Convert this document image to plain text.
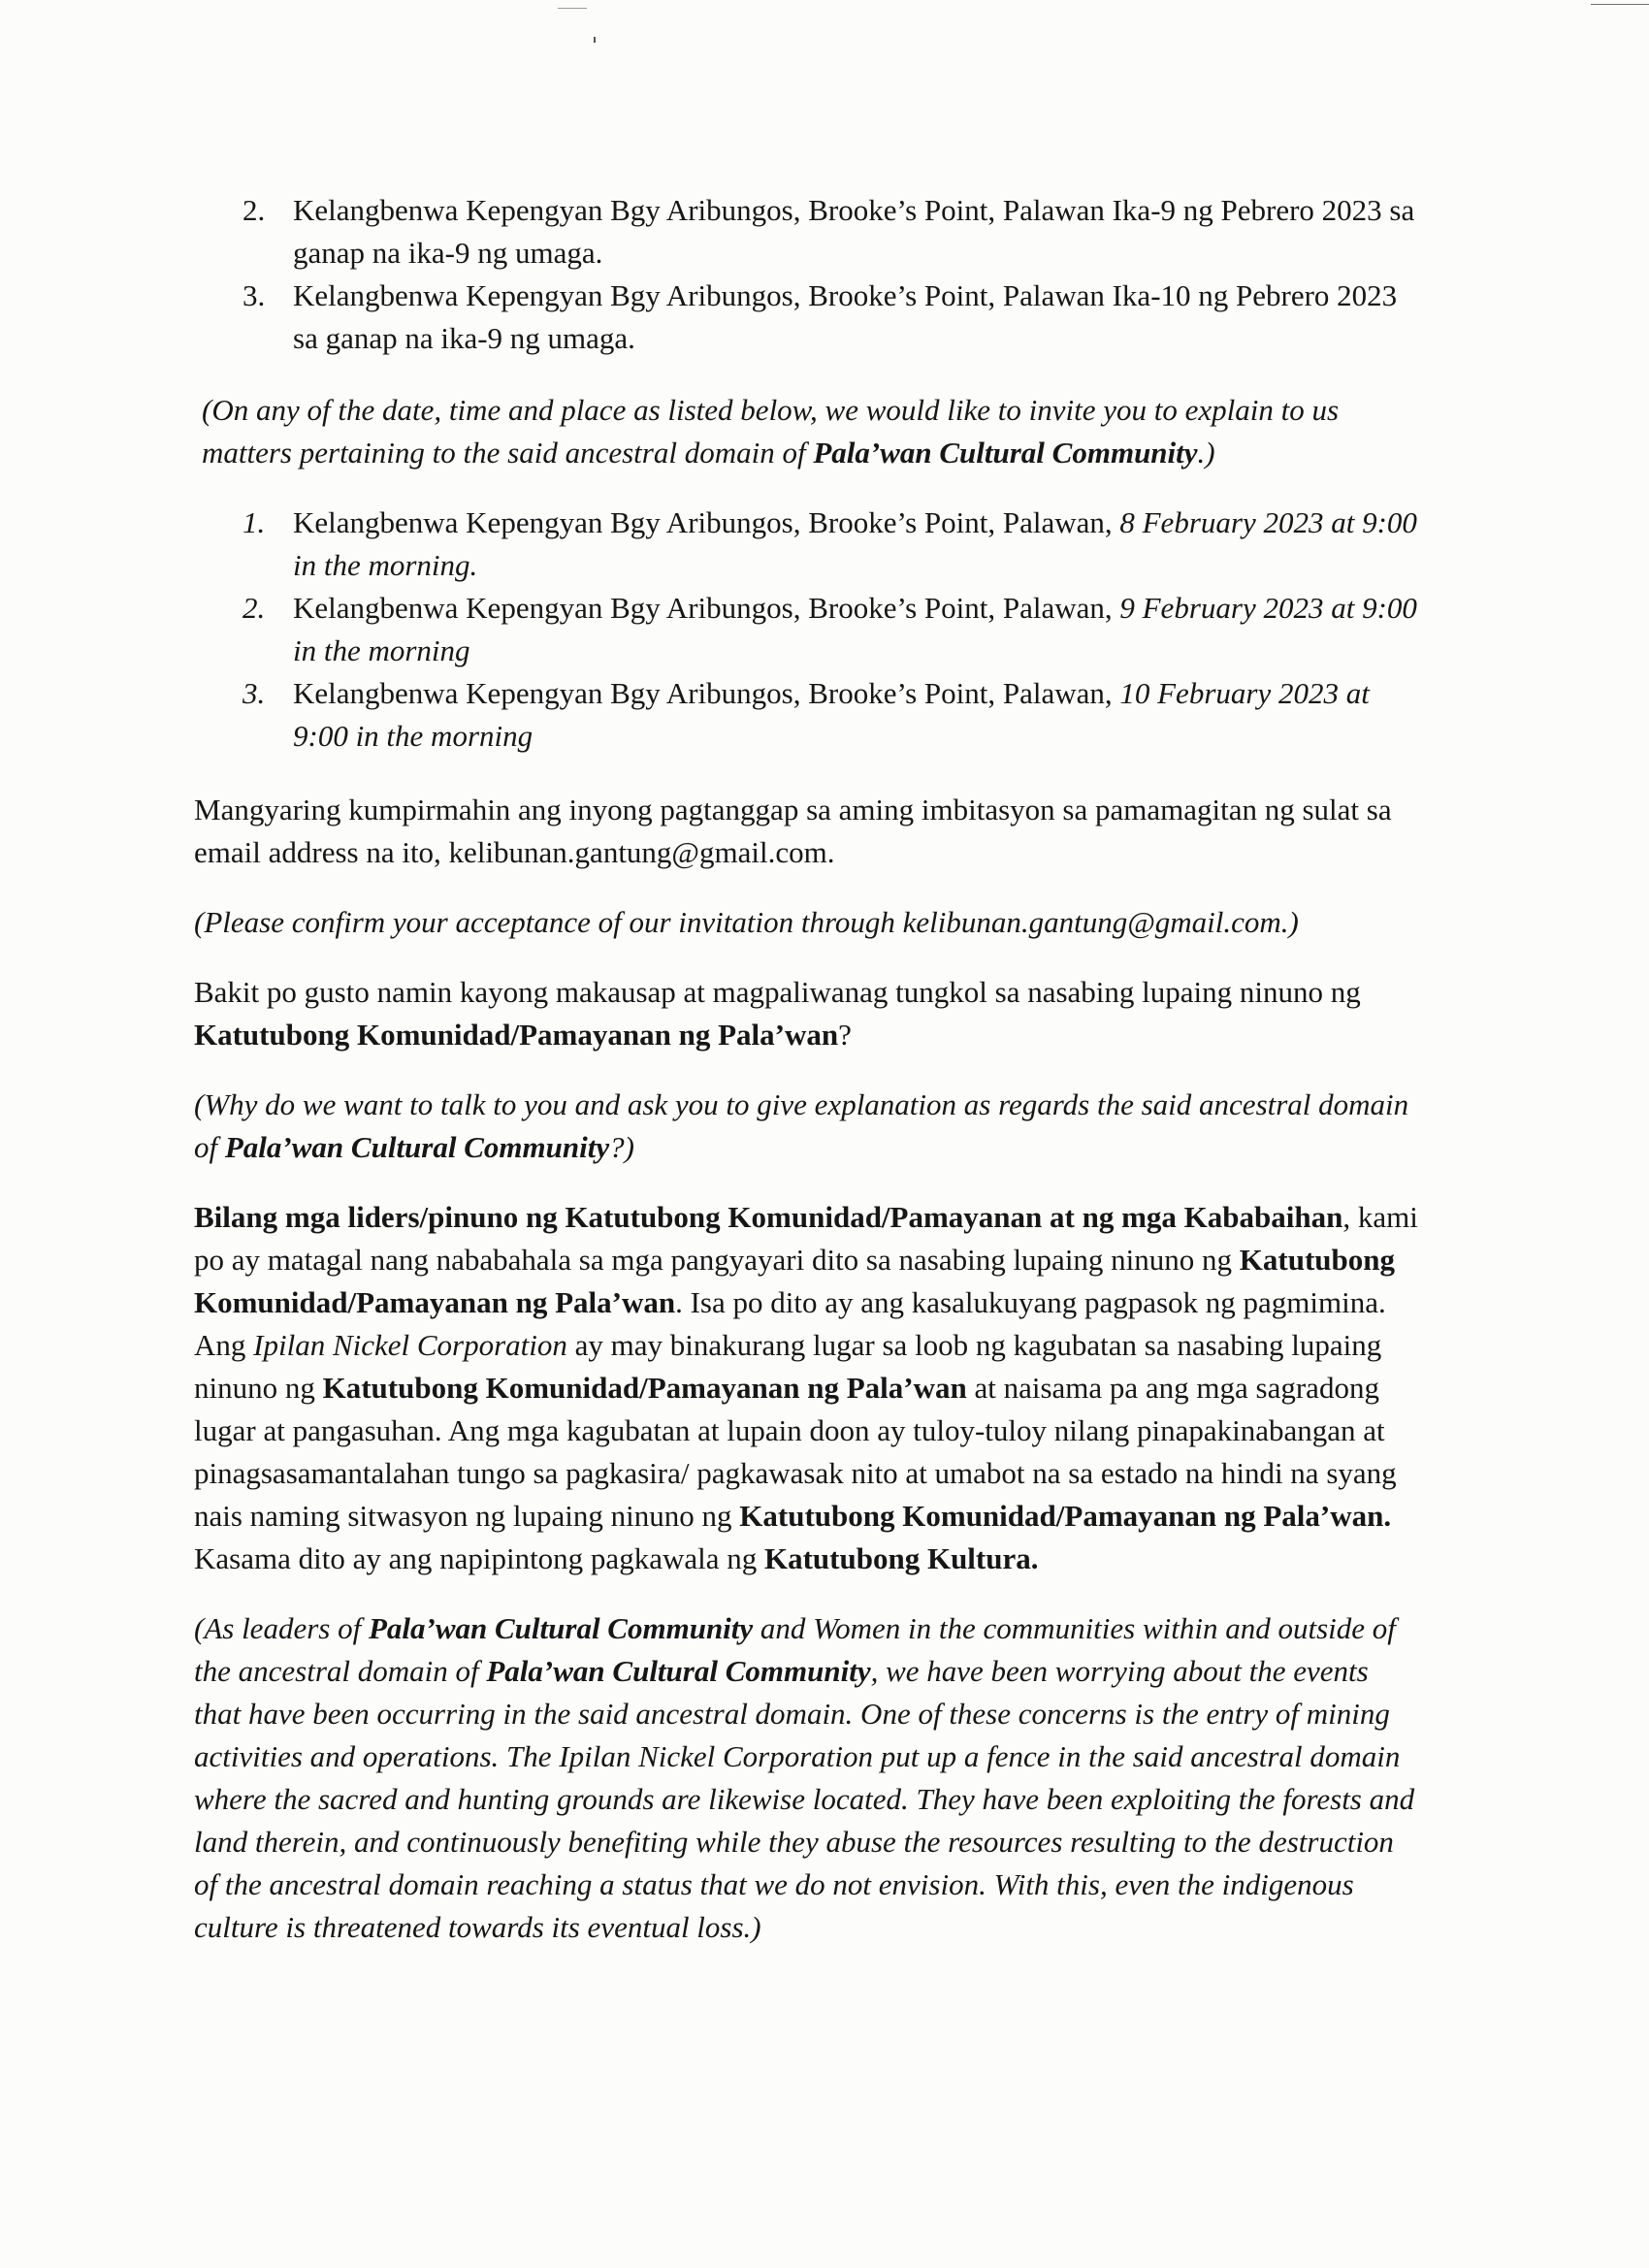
2. Kelangbenwa Kepengyan Bgy Aribungos, Brooke’s Point, Palawan Ika-9 ng Pebrero 2023 sa ganap na ika-9 ng umaga.
3. Kelangbenwa Kepengyan Bgy Aribungos, Brooke’s Point, Palawan Ika-10 ng Pebrero 2023 sa ganap na ika-9 ng umaga.

(On any of the date, time and place as listed below, we would like to invite you to explain to us matters pertaining to the said ancestral domain of Pala’wan Cultural Community.)

1. Kelangbenwa Kepengyan Bgy Aribungos, Brooke’s Point, Palawan, 8 February 2023 at 9:00 in the morning.
2. Kelangbenwa Kepengyan Bgy Aribungos, Brooke’s Point, Palawan, 9 February 2023 at 9:00 in the morning
3. Kelangbenwa Kepengyan Bgy Aribungos, Brooke’s Point, Palawan, 10 February 2023 at 9:00 in the morning

Mangyaring kumpirmahin ang inyong pagtanggap sa aming imbitasyon sa pamamagitan ng sulat sa email address na ito, kelibunan.gantung@gmail.com.

(Please confirm your acceptance of our invitation through kelibunan.gantung@gmail.com.)

Bakit po gusto namin kayong makausap at magpaliwanag tungkol sa nasabing lupaing ninuno ng Katutubong Komunidad/Pamayanan ng Pala’wan?

(Why do we want to talk to you and ask you to give explanation as regards the said ancestral domain of Pala’wan Cultural Community?)

Bilang mga liders/pinuno ng Katutubong Komunidad/Pamayanan at ng mga Kababaihan, kami po ay matagal nang nababahala sa mga pangyayari dito sa nasabing lupaing ninuno ng Katutubong Komunidad/Pamayanan ng Pala’wan. Isa po dito ay ang kasalukuyang pagpasok ng pagmimina. Ang Ipilan Nickel Corporation ay may binakurang lugar sa loob ng kagubatan sa nasabing lupaing ninuno ng Katutubong Komunidad/Pamayanan ng Pala’wan at naisama pa ang mga sagradong lugar at pangasuhan. Ang mga kagubatan at lupain doon ay tuloy-tuloy nilang pinapakinabangan at pinagsasamantalahan tungo sa pagkasira/ pagkawasak nito at umabot na sa estado na hindi na syang nais naming sitwasyon ng lupaing ninuno ng Katutubong Komunidad/Pamayanan ng Pala’wan. Kasama dito ay ang napipintong pagkawala ng Katutubong Kultura.

(As leaders of Pala’wan Cultural Community and Women in the communities within and outside of the ancestral domain of Pala’wan Cultural Community, we have been worrying about the events that have been occurring in the said ancestral domain. One of these concerns is the entry of mining activities and operations. The Ipilan Nickel Corporation put up a fence in the said ancestral domain where the sacred and hunting grounds are likewise located. They have been exploiting the forests and land therein, and continuously benefiting while they abuse the resources resulting to the destruction of the ancestral domain reaching a status that we do not envision. With this, even the indigenous culture is threatened towards its eventual loss.)
